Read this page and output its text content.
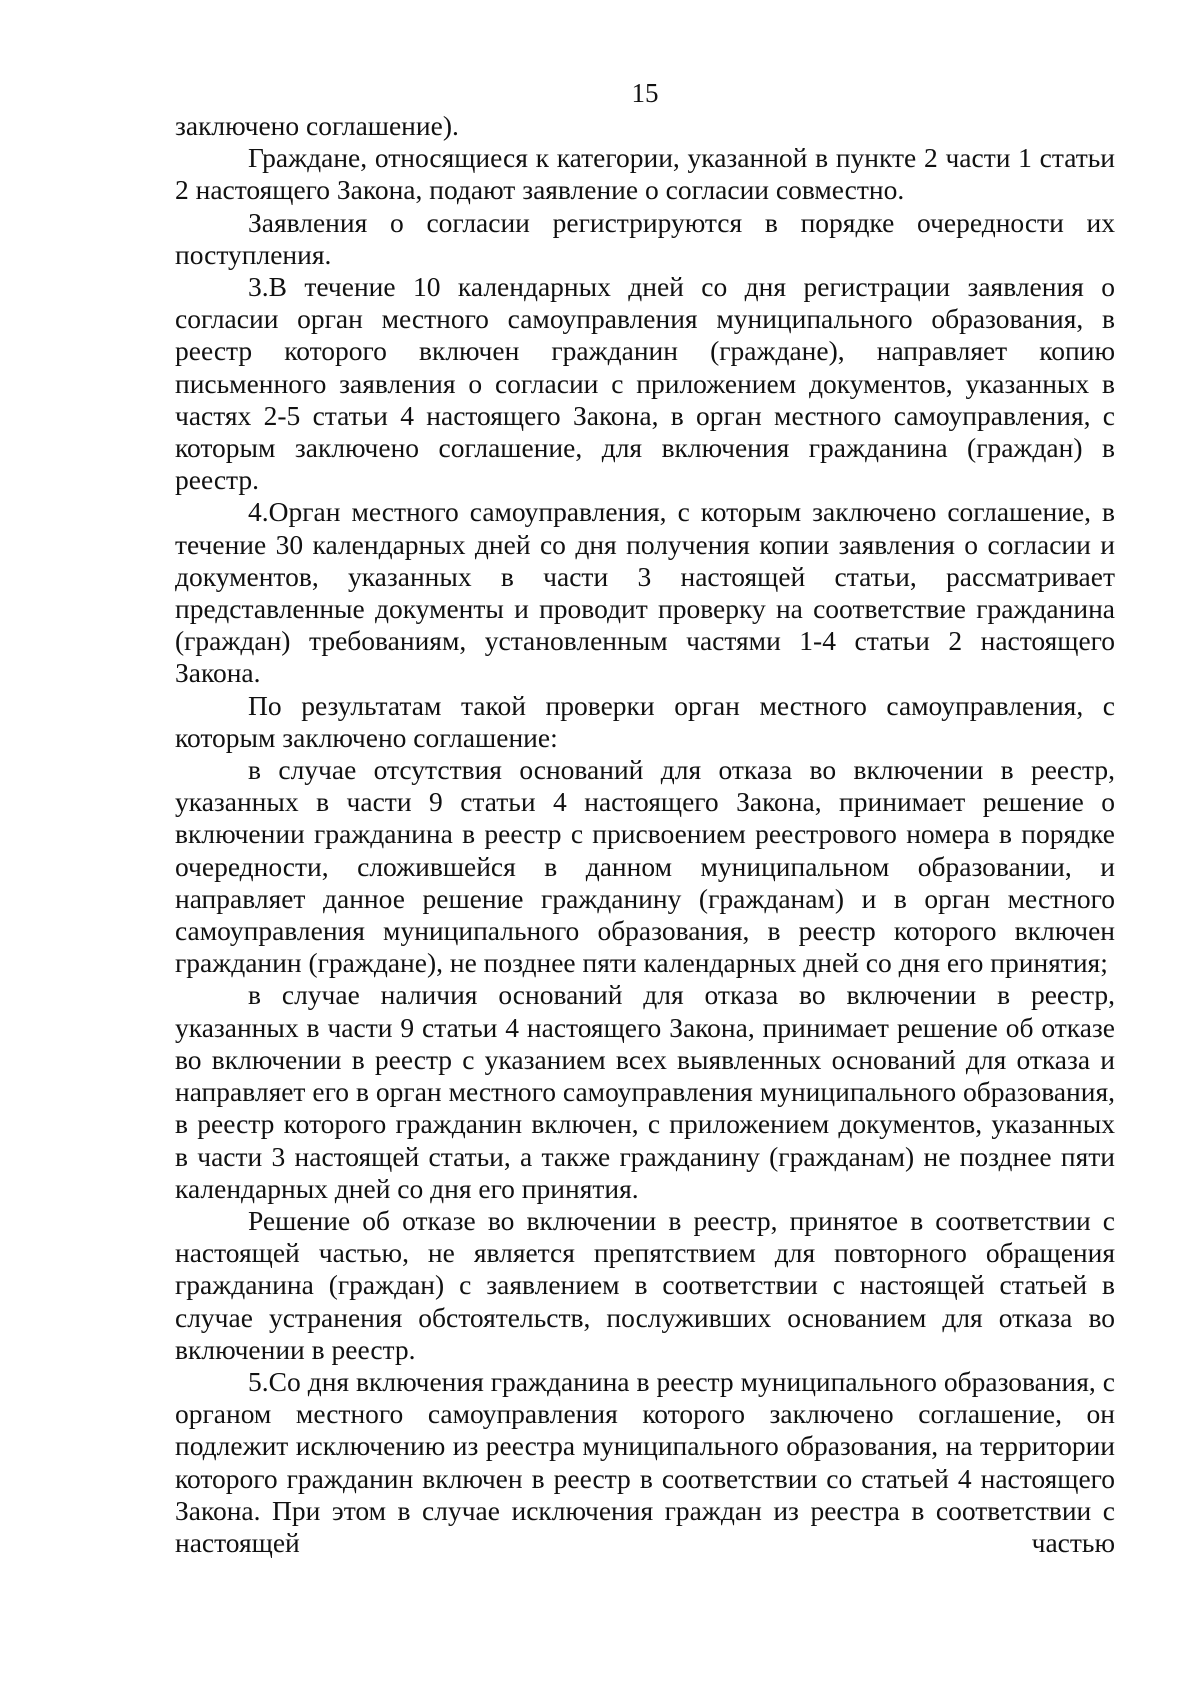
15

заключено соглашение).

Граждане, относящиеся к категории, указанной в пункте 2 части 1 статьи 2 настоящего Закона, подают заявление о согласии совместно.

Заявления о согласии регистрируются в порядке очередности их поступления.

3.В течение 10 календарных дней со дня регистрации заявления о согласии орган местного самоуправления муниципального образования, в реестр которого включен гражданин (граждане), направляет копию письменного заявления о согласии с приложением документов, указанных в частях 2-5 статьи 4 настоящего Закона, в орган местного самоуправления, с которым заключено соглашение, для включения гражданина (граждан) в реестр.

4.Орган местного самоуправления, с которым заключено соглашение, в течение 30 календарных дней со дня получения копии заявления о согласии и документов, указанных в части 3 настоящей статьи, рассматривает представленные документы и проводит проверку на соответствие гражданина (граждан) требованиям, установленным частями 1-4 статьи 2 настоящего Закона.

По результатам такой проверки орган местного самоуправления, с которым заключено соглашение:

в случае отсутствия оснований для отказа во включении в реестр, указанных в части 9 статьи 4 настоящего Закона, принимает решение о включении гражданина в реестр с присвоением реестрового номера в порядке очередности, сложившейся в данном муниципальном образовании, и направляет данное решение гражданину (гражданам) и в орган местного самоуправления муниципального образования, в реестр которого включен гражданин (граждане), не позднее пяти календарных дней со дня его принятия;

в случае наличия оснований для отказа во включении в реестр, указанных в части 9 статьи 4 настоящего Закона, принимает решение об отказе во включении в реестр с указанием всех выявленных оснований для отказа и направляет его в орган местного самоуправления муниципального образования, в реестр которого гражданин включен, с приложением документов, указанных в части 3 настоящей статьи, а также гражданину (гражданам) не позднее пяти календарных дней со дня его принятия.

Решение об отказе во включении в реестр, принятое в соответствии с настоящей частью, не является препятствием для повторного обращения гражданина (граждан) с заявлением в соответствии с настоящей статьей в случае устранения обстоятельств, послуживших основанием для отказа во включении в реестр.

5.Со дня включения гражданина в реестр муниципального образования, с органом местного самоуправления которого заключено соглашение, он подлежит исключению из реестра муниципального образования, на территории которого гражданин включен в реестр в соответствии со статьей 4 настоящего Закона. При этом в случае исключения граждан из реестра в соответствии с настоящей частью
